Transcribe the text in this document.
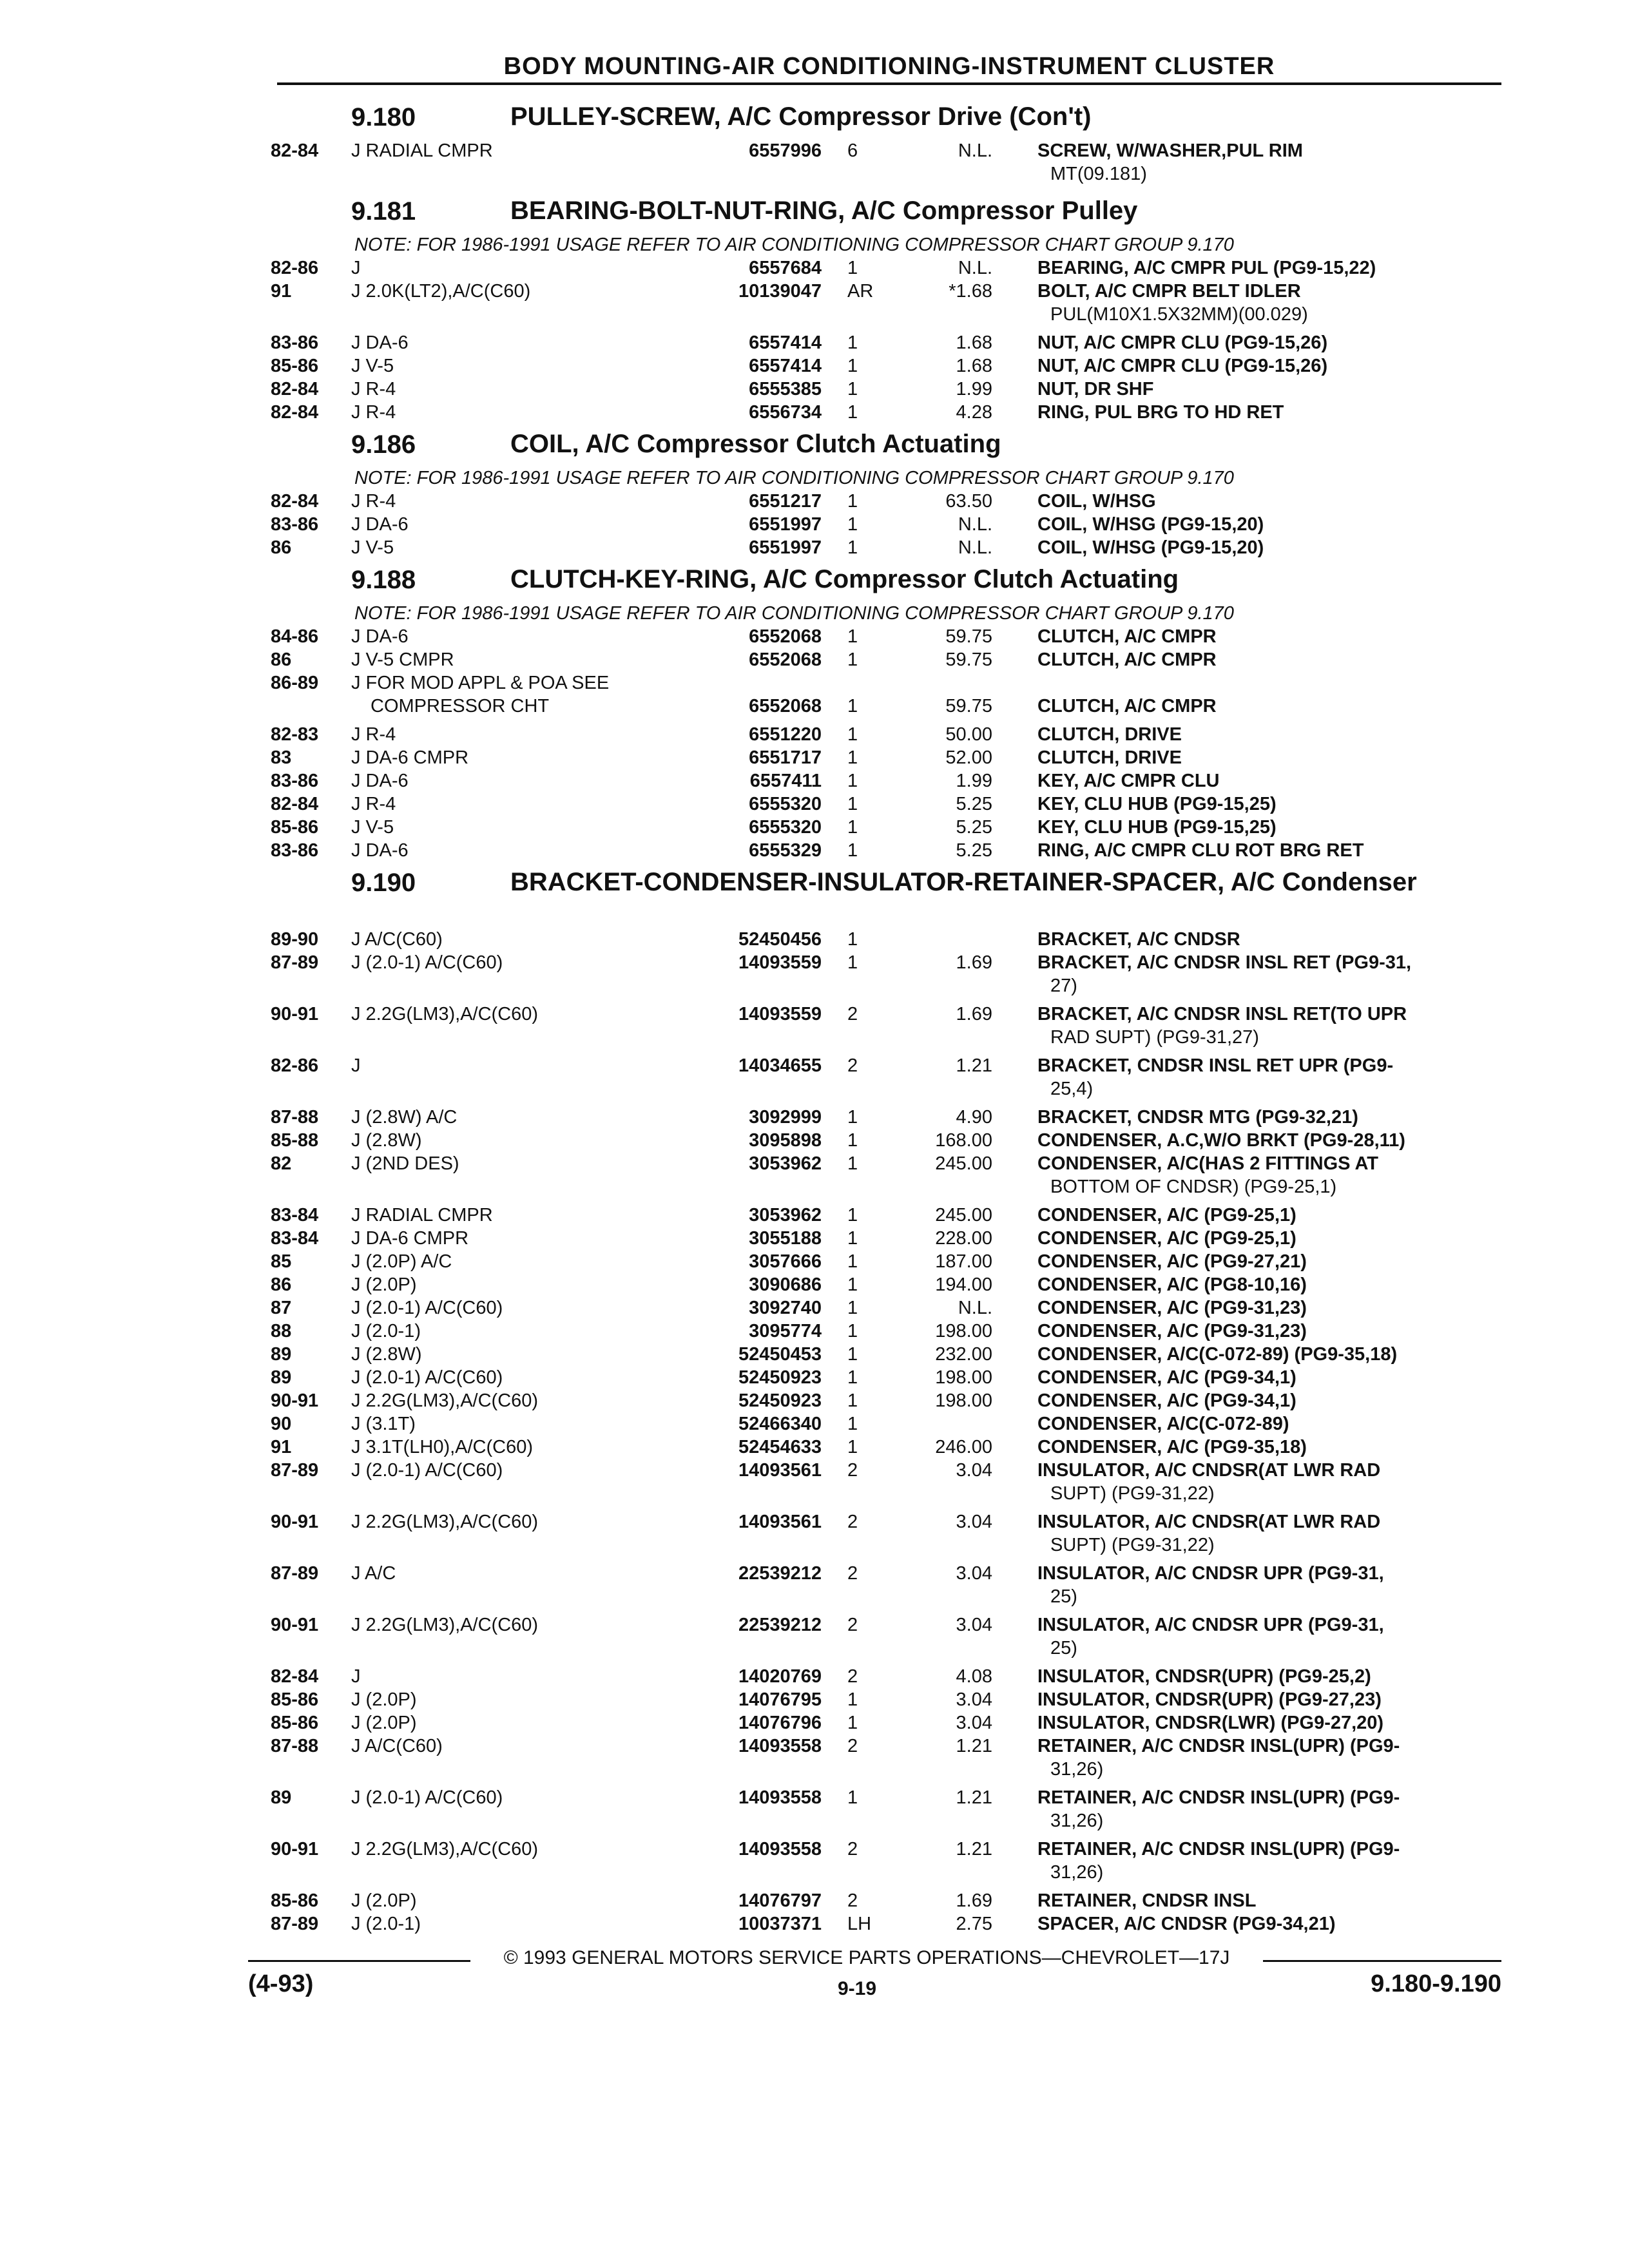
BODY MOUNTING-AIR CONDITIONING-INSTRUMENT CLUSTER
9.180	PULLEY-SCREW, A/C Compressor Drive (Con't)
82-84	J RADIAL CMPR . . .	6557996 6	N.L. SCREW, W/WASHER,PUL RIM
MT(09.181)
9.181	BEARING-BOLT-NUT-RING, A/C Compressor Pulley
NOTE: FOR 1986-1991 USAGE REFER TO AIR CONDITIONING COMPRESSOR CHART GROUP 9.170
82-86	J . . .	6557684 1	N.L. BEARING, A/C CMPR PUL (PG9-15,22)
91	J 2.0K(LT2),A/C(C60) . . .	10139047 AR	*1.68 BOLT, A/C CMPR BELT IDLER
PUL(M10X1.5X32MM)(00.029)
83-86	J DA-6 . . .	6557414 1	1.68 NUT, A/C CMPR CLU (PG9-15,26)
85-86	J V-5 . . .	6557414 1	1.68 NUT, A/C CMPR CLU (PG9-15,26)
82-84	J R-4 . . .	6555385 1	1.99 NUT, DR SHF
82-84	J R-4 . . .	6556734 1	4.28 RING, PUL BRG TO HD RET
9.186	COIL, A/C Compressor Clutch Actuating
NOTE: FOR 1986-1991 USAGE REFER TO AIR CONDITIONING COMPRESSOR CHART GROUP 9.170
82-84	J R-4 . . .	6551217 1	63.50 COIL, W/HSG
83-86	J DA-6 . . .	6551997 1	N.L. COIL, W/HSG (PG9-15,20)
86	J V-5 . . .	6551997 1	N.L. COIL, W/HSG (PG9-15,20)
9.188	CLUTCH-KEY-RING, A/C Compressor Clutch Actuating
NOTE: FOR 1986-1991 USAGE REFER TO AIR CONDITIONING COMPRESSOR CHART GROUP 9.170
84-86	J DA-6 . . .	6552068 1	59.75 CLUTCH, A/C CMPR
86	J V-5 CMPR . . .	6552068 1	59.75 CLUTCH, A/C CMPR
86-89	J FOR MOD APPL & POA SEE
COMPRESSOR CHT
. . .	6552068 1	59.75 CLUTCH, A/C CMPR
82-83	J R-4 . . .	6551220 1	50.00 CLUTCH, DRIVE
83	J DA-6 CMPR . . .	6551717 1	52.00 CLUTCH, DRIVE
83-86	J DA-6 . . .	6557411 1	1.99 KEY, A/C CMPR CLU
82-84	J R-4 . . .	6555320 1	5.25 KEY, CLU HUB (PG9-15,25)
85-86	J V-5 . . .	6555320 1	5.25 KEY, CLU HUB (PG9-15,25)
83-86	J DA-6 . . .	6555329 1	5.25 RING, A/C CMPR CLU ROT BRG RET
9.190	BRACKET-CONDENSER-INSULATOR-RETAINER-SPACER, A/C Condenser
89-90	J A/C(C60) . . .	52450456 1	BRACKET, A/C CNDSR
87-89	J (2.0-1) A/C(C60) . . .	14093559 1	1.69 BRACKET, A/C CNDSR INSL RET (PG9-31,
27)
90-91	J 2.2G(LM3),A/C(C60) . . .	14093559 2	1.69 BRACKET, A/C CNDSR INSL RET(TO UPR
RAD SUPT) (PG9-31,27)
82-86	J . . .	14034655 2	1.21 BRACKET, CNDSR INSL RET UPR (PG9-
25,4)
87-88	J (2.8W) A/C . . .	3092999 1	4.90 BRACKET, CNDSR MTG (PG9-32,21)
85-88	J (2.8W) . . .	3095898 1	168.00 CONDENSER, A.C,W/O BRKT (PG9-28,11)
82	J (2ND DES) . . .	3053962 1	245.00 CONDENSER, A/C(HAS 2 FITTINGS AT
BOTTOM OF CNDSR) (PG9-25,1)
83-84	J RADIAL CMPR . . .	3053962 1	245.00 CONDENSER, A/C (PG9-25,1)
83-84	J DA-6 CMPR . . .	3055188 1	228.00 CONDENSER, A/C (PG9-25,1)
85	J (2.0P) A/C . . .	3057666 1	187.00 CONDENSER, A/C (PG9-27,21)
86	J (2.0P) . . .	3090686 1	194.00 CONDENSER, A/C (PG8-10,16)
87	J (2.0-1) A/C(C60) . . .	3092740 1	N.L. CONDENSER, A/C (PG9-31,23)
88	J (2.0-1) . . .	3095774 1	198.00 CONDENSER, A/C (PG9-31,23)
89	J (2.8W) . . .	52450453 1	232.00 CONDENSER, A/C(C-072-89) (PG9-35,18)
89	J (2.0-1) A/C(C60) . . .	52450923 1	198.00 CONDENSER, A/C (PG9-34,1)
90-91	J 2.2G(LM3),A/C(C60) . . .	52450923 1	198.00 CONDENSER, A/C (PG9-34,1)
90	J (3.1T) . . .	52466340 1	CONDENSER, A/C(C-072-89)
91	J 3.1T(LH0),A/C(C60) . . .	52454633 1	246.00 CONDENSER, A/C (PG9-35,18)
87-89	J (2.0-1) A/C(C60) . . .	14093561 2	3.04 INSULATOR, A/C CNDSR(AT LWR RAD
SUPT) (PG9-31,22)
90-91	J 2.2G(LM3),A/C(C60) . . .	14093561 2	3.04 INSULATOR, A/C CNDSR(AT LWR RAD
SUPT) (PG9-31,22)
87-89	J A/C . . .	22539212 2	3.04 INSULATOR, A/C CNDSR UPR (PG9-31,
25)
90-91	J 2.2G(LM3),A/C(C60) . . .	22539212 2	3.04 INSULATOR, A/C CNDSR UPR (PG9-31,
25)
82-84	J . . .	14020769 2	4.08 INSULATOR, CNDSR(UPR) (PG9-25,2)
85-86	J (2.0P) . . .	14076795 1	3.04 INSULATOR, CNDSR(UPR) (PG9-27,23)
85-86	J (2.0P) . . .	14076796 1	3.04 INSULATOR, CNDSR(LWR) (PG9-27,20)
87-88	J A/C(C60) . . .	14093558 2	1.21 RETAINER, A/C CNDSR INSL(UPR) (PG9-
31,26)
89	J (2.0-1) A/C(C60) . . .	14093558 1	1.21 RETAINER, A/C CNDSR INSL(UPR) (PG9-
31,26)
90-91	J 2.2G(LM3),A/C(C60) . . .	14093558 2	1.21 RETAINER, A/C CNDSR INSL(UPR) (PG9-
31,26)
85-86	J (2.0P) . . .	14076797 2	1.69 RETAINER, CNDSR INSL
87-89	J (2.0-1) . . .	10037371 LH	2.75 SPACER, A/C CNDSR (PG9-34,21)
© 1993 GENERAL MOTORS SERVICE PARTS OPERATIONS—CHEVROLET—17J
(4-93)	9-19	9.180-9.190
